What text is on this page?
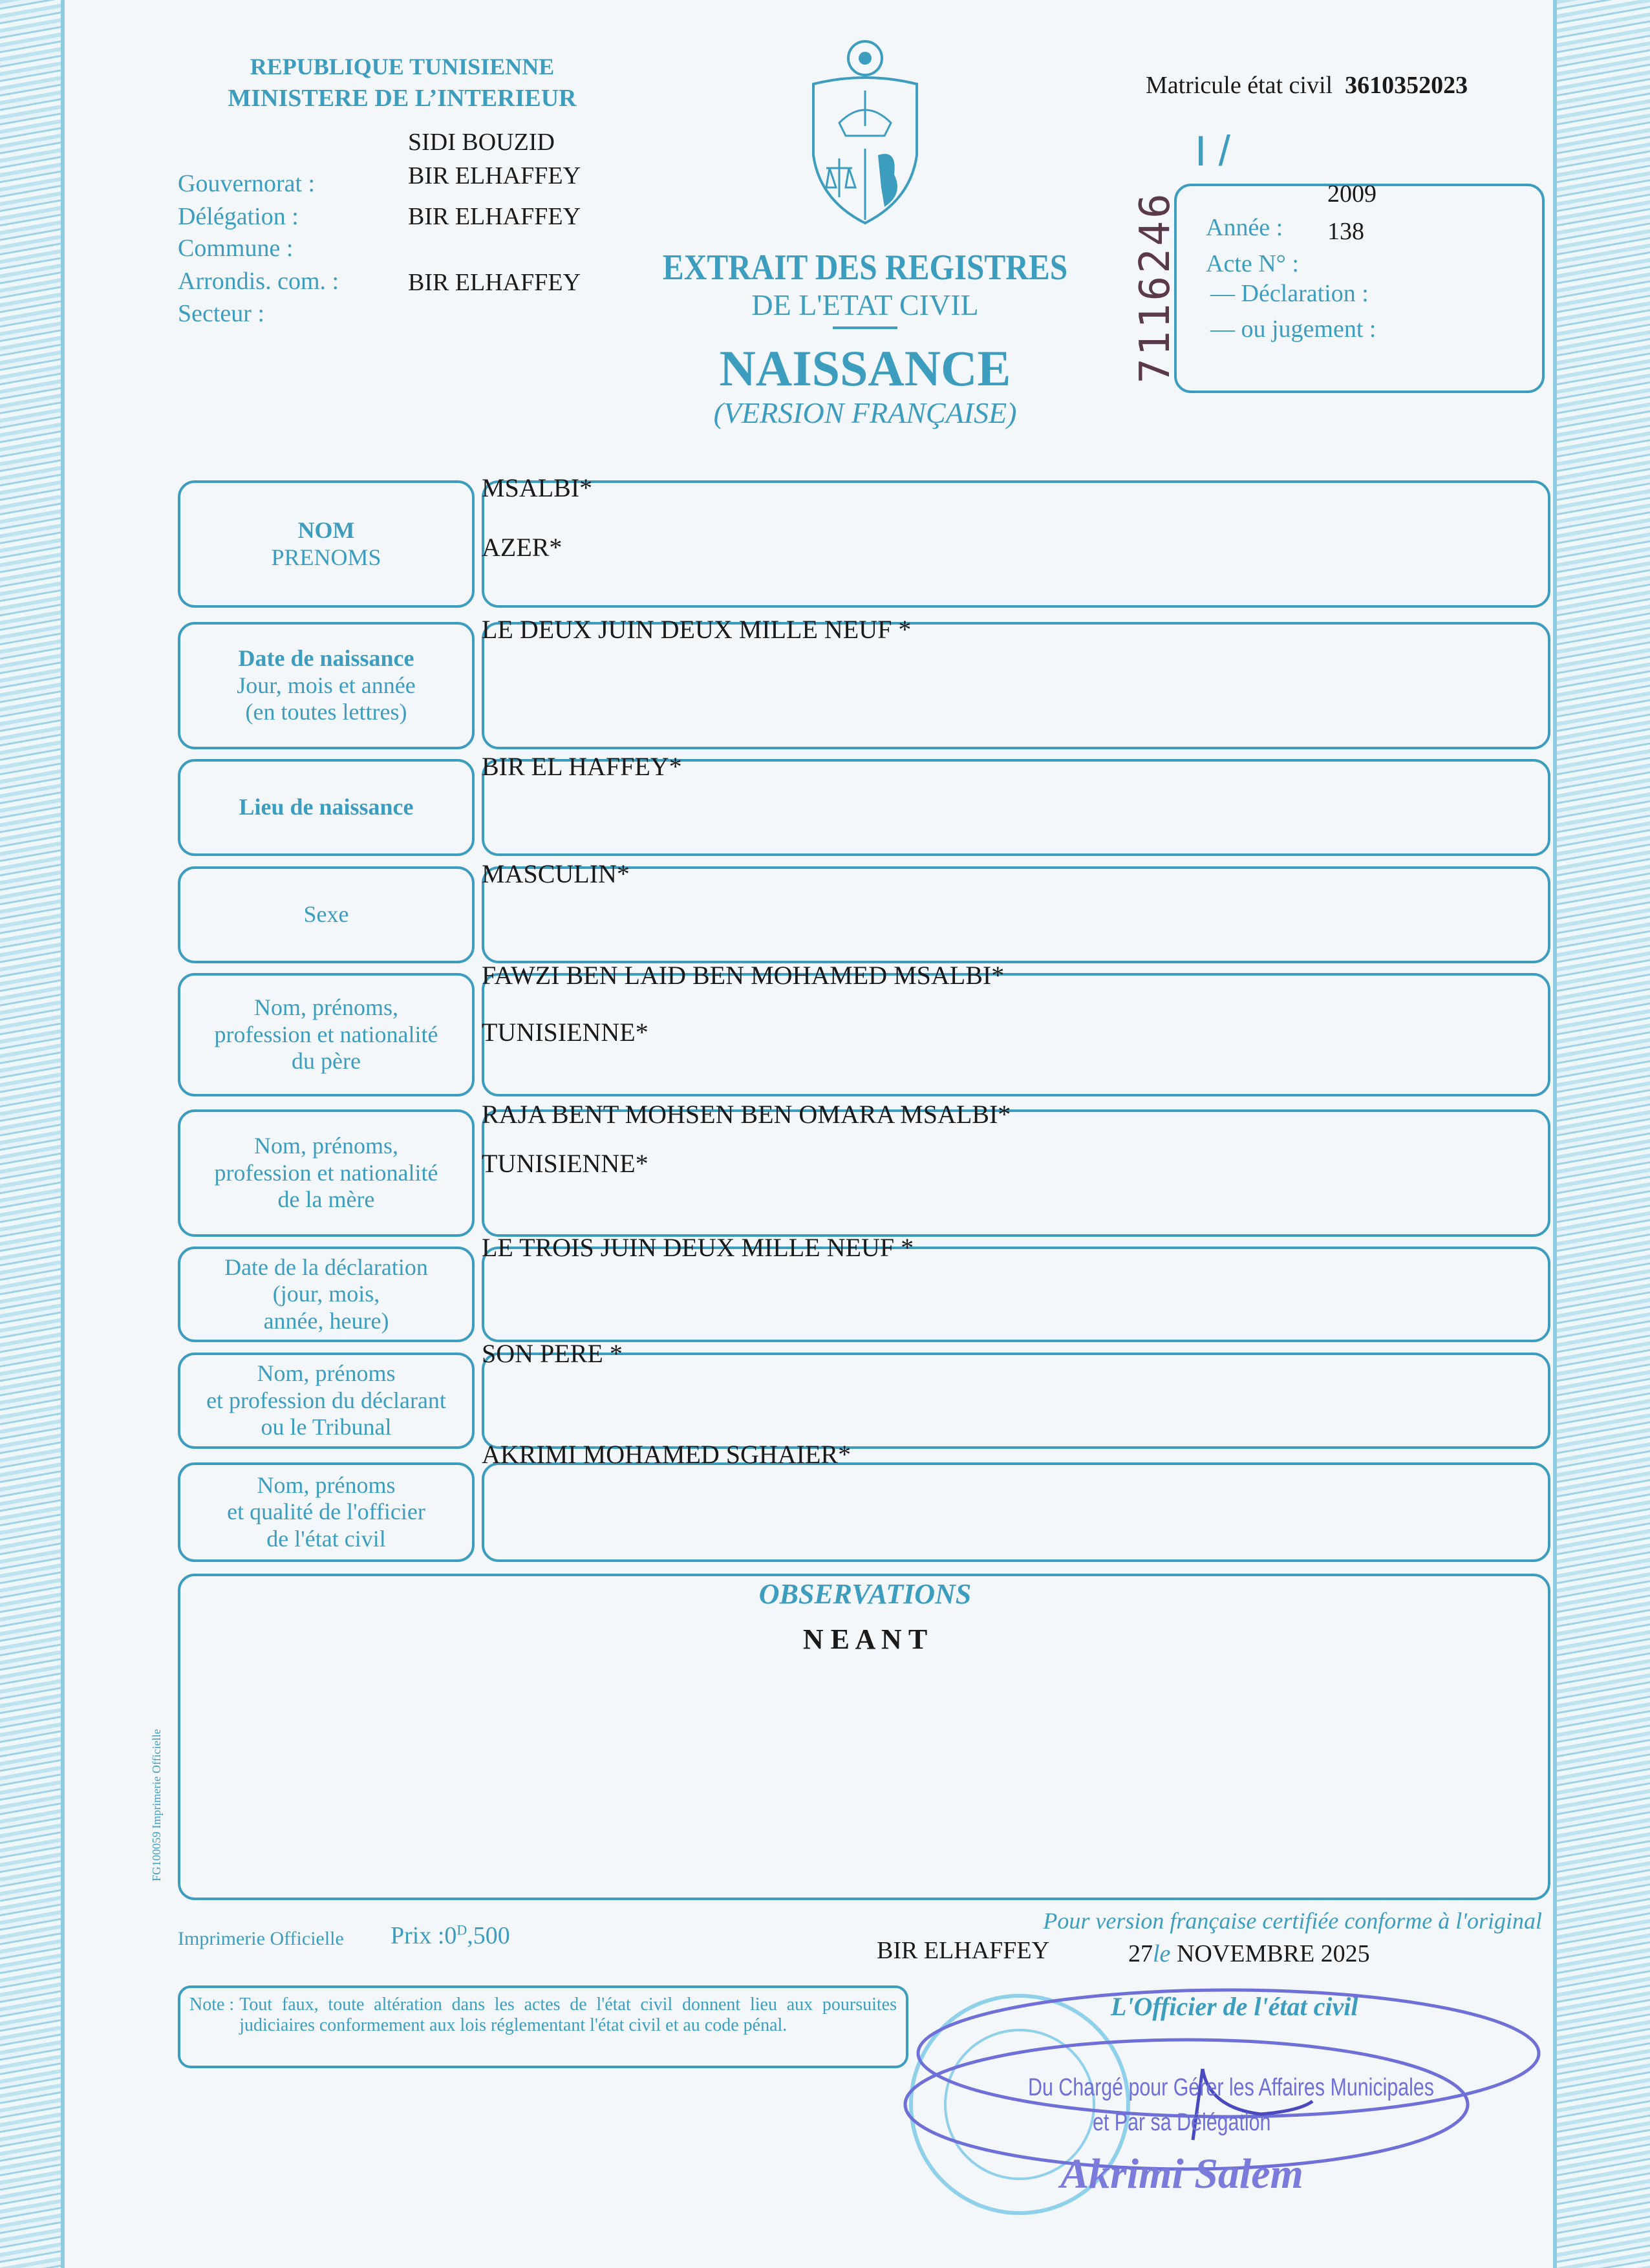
REPUBLIQUE TUNISIENNE
MINISTERE DE L’INTERIEUR
Gouvernorat :
Délégation :
Commune :
Arrondis. com. :
Secteur :
SIDI BOUZID
BIR ELHAFFEY
BIR ELHAFFEY
BIR ELHAFFEY
Matricule état civil 3610352023
I /
7116246	2009
Année : 138
Acte N° :
— Déclaration :
— ou jugement :
EXTRAIT DES REGISTRES
DE L'ETAT CIVIL
NAISSANCE
(VERSION FRANÇAISE)
NOM
PRENOMS
MSALBI*
AZER*
Date de naissance
Jour, mois et année
(en toutes lettres)
LE DEUX JUIN DEUX MILLE NEUF *
Lieu de naissance
BIR EL HAFFEY*
Sexe
MASCULIN*
Nom, prénoms,
profession et nationalité
du père
FAWZI BEN LAID BEN MOHAMED MSALBI*
TUNISIENNE*
Nom, prénoms,
profession et nationalité
de la mère
RAJA BENT MOHSEN BEN OMARA MSALBI*
TUNISIENNE*
Date de la déclaration
(jour, mois,
année, heure)
LE TROIS JUIN DEUX MILLE NEUF *
Nom, prénoms
et profession du déclarant
ou le Tribunal
SON PERE *
Nom, prénoms
et qualité de l'officier
de l'état civil
AKRIMI MOHAMED SGHAIER*
OBSERVATIONS
N E A N T
FG100059 Imprimerie Officielle
Imprimerie Officielle Prix $:0^D,500$
Pour version française certifiée conforme à l'original
BIR ELHAFFEY	27le NOVEMBRE 2025
Note : Tout faux, toute altération dans les actes de l'état civil donnent lieu aux poursuites judiciaires conformement aux lois réglementant l'état civil et au code pénal.
L'Officier de l'état civil
Du Chargé pour Gérer les Affaires Municipales
et Par sa Délégation
Akrimi Salem
